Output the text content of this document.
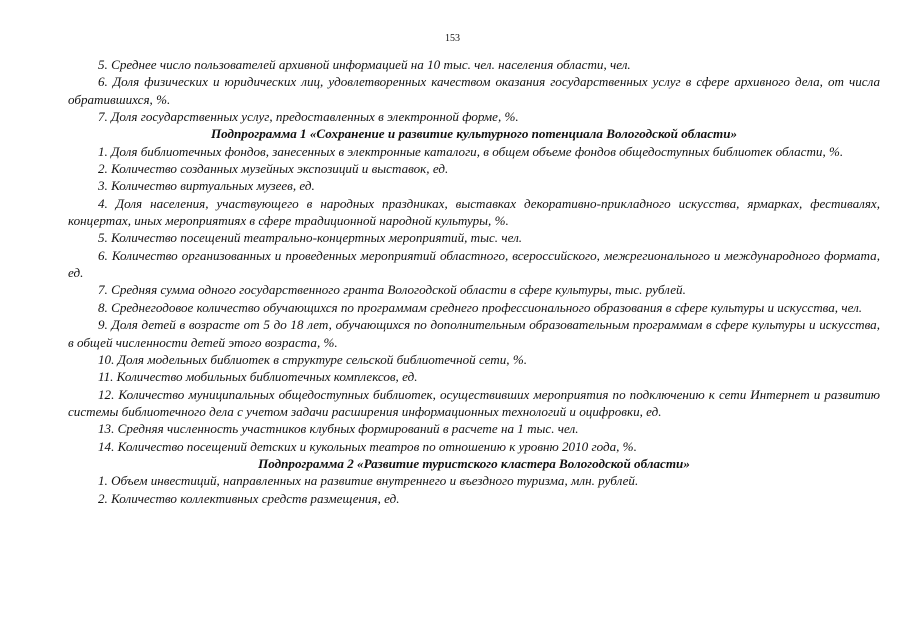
153

5. Среднее число пользователей архивной информацией на 10 тыс. чел. населения области, чел.

6. Доля физических и юридических лиц, удовлетворенных качеством оказания государственных услуг в сфере архивного дела, от числа обратившихся, %.

7. Доля государственных услуг, предоставленных в электронной форме, %.

Подпрограмма 1 «Сохранение и развитие культурного потенциала Вологодской области»

1. Доля библиотечных фондов, занесенных в электронные каталоги, в общем объеме фондов общедоступных библиотек области, %.

2. Количество созданных музейных экспозиций и выставок, ед.

3. Количество виртуальных музеев, ед.

4. Доля населения, участвующего в народных праздниках, выставках декоративно-прикладного искусства, ярмарках, фестивалях, концертах, иных мероприятиях в сфере традиционной народной культуры, %.

5. Количество посещений театрально-концертных мероприятий, тыс. чел.

6. Количество организованных и проведенных мероприятий областного, всероссийского, межрегионального и международного формата, ед.

7. Средняя сумма одного государственного гранта Вологодской области в сфере культуры, тыс. рублей.

8. Среднегодовое количество обучающихся по программам среднего профессионального образования в сфере культуры и искусства, чел.

9. Доля детей в возрасте от 5 до 18 лет, обучающихся по дополнительным образовательным программам в сфере культуры и искусства, в общей численности детей этого возраста, %.

10. Доля модельных библиотек в структуре сельской библиотечной сети, %.

11. Количество мобильных библиотечных комплексов, ед.

12. Количество муниципальных общедоступных библиотек, осуществивших мероприятия по подключению к сети Интернет и развитию системы библиотечного дела с учетом задачи расширения информационных технологий и оцифровки, ед.

13. Средняя численность участников клубных формирований в расчете на 1 тыс. чел.

14. Количество посещений детских и кукольных театров по отношению к уровню 2010 года, %.

Подпрограмма 2 «Развитие туристского кластера Вологодской области»

1. Объем инвестиций, направленных на развитие внутреннего и въездного туризма, млн. рублей.

2. Количество коллективных средств размещения, ед.
